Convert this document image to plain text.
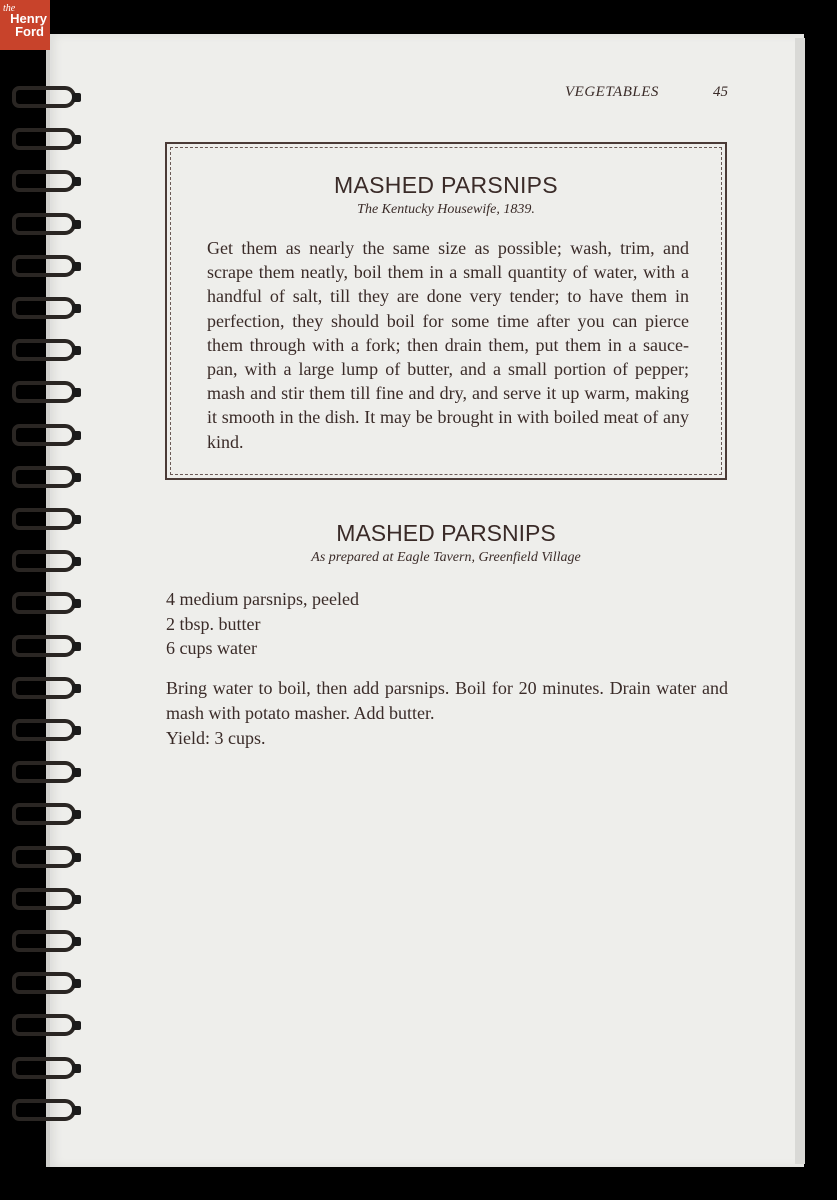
the
Henry
Ford
VEGETABLES	45
MASHED PARSNIPS
The Kentucky Housewife, 1839.
Get them as nearly the same size as possible; wash, trim, and scrape them neatly, boil them in a small quantity of water, with a handful of salt, till they are done very tender; to have them in perfection, they should boil for some time after you can pierce them through with a fork; then drain them, put them in a sauce-pan, with a large lump of butter, and a small portion of pepper; mash and stir them till fine and dry, and serve it up warm, making it smooth in the dish. It may be brought in with boiled meat of any kind.
MASHED PARSNIPS
As prepared at Eagle Tavern, Greenfield Village
4 medium parsnips, peeled
2 tbsp. butter
6 cups water

Bring water to boil, then add parsnips. Boil for 20 minutes. Drain water and mash with potato masher. Add butter.

Yield: 3 cups.
